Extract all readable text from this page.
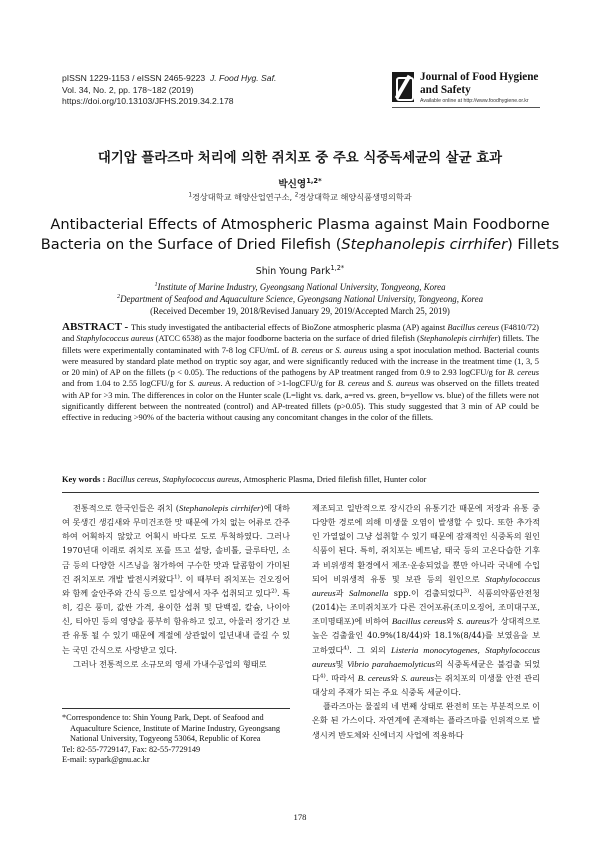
pISSN 1229-1153 / eISSN 2465-9223 J. Food Hyg. Saf.
Vol. 34, No. 2, pp. 178~182 (2019)
https://doi.org/10.13103/JFHS.2019.34.2.178
Journal of Food Hygiene
and Safety
Available online at http://www.foodhygiene.or.kr
대기압 플라즈마 처리에 의한 쥐치포 중 주요 식중독세균의 살균 효과
박신영$^{1,2*}$
$^1$경상대학교 해양산업연구소, $^2$경상대학교 해양식품생명의학과
Antibacterial Effects of Atmospheric Plasma against Main Foodborne
Bacteria on the Surface of Dried Filefish (Stephanolepis cirrhifer) Fillets
Shin Young Park$^{1,2*}$
$^1$Institute of Marine Industry, Gyeongsang National University, Tongyeong, Korea
$^2$Department of Seafood and Aquaculture Science, Gyeongsang National University, Tongyeong, Korea
(Received December 19, 2018/Revised January 29, 2019/Accepted March 25, 2019)
ABSTRACT - This study investigated the antibacterial effects of BioZone atmospheric plasma (AP) against Bacillus cereus (F4810/72) and Staphylococcus aureus (ATCC 6538) as the major foodborne bacteria on the surface of dried filefish (Stephanolepis cirrhifer) fillets. The fillets were experimentally contaminated with 7-8 log CFU/mL of B. cereus or S. aureus using a spot inoculation method. Bacterial counts were measured by standard plate method on tryptic soy agar, and were significantly reduced with the increase in the treatment time (1, 3, 5 or 20 min) of AP on the fillets (p < 0.05). The reductions of the pathogens by AP treatment ranged from 0.9 to 2.93 logCFU/g for B. cereus and from 1.04 to 2.55 logCFU/g for S. aureus. A reduction of >1-logCFU/g for B. cereus and S. aureus was observed on the fillets treated with AP for >3 min. The differences in color on the Hunter scale (L=light vs. dark, a=red vs. green, b=yellow vs. blue) of the fillets were not significantly different between the nontreated (control) and AP-treated fillets (p>0.05). This study suggested that 3 min of AP could be effective in reducing >90% of the bacteria without causing any concomitant changes in the color of the fillets.
Key words : Bacillus cereus, Staphylococcus aureus, Atmospheric Plasma, Dried filefish fillet, Hunter color

전통적으로 한국인들은 쥐치 (Stephanolepis cirrhifer)에 대하여 못생긴 생김새와 무미건조한 맛 때문에 가치 없는 어류로 간주하여 어획하지 않았고 어획시 바다로 도로 투척하였다. 그러나 1970년대 이래로 쥐치로 포를 뜨고 설탕, 솔비톨, 글루타민, 소금 등의 다양한 시즈닝을 첨가하여 구수한 맛과 달콤함이 가미된 건 쥐치포로 개발 발전시켜왔다$^{1)}$. 이 때부터 쥐치포는 건오징어와 함께 술안주와 간식 등으로 일상에서 자주 섭취되고 있다$^{2)}$. 특히, 김은 풍미, 값싼 가격, 용이한 섭취 및 단백질, 칼슘, 나이아신, 티아민 등의 영양을 풍부히 함유하고 있고, 아울러 장기간 보관 유통 될 수 있기 때문에 계절에 상관없이 일년내내 즐길 수 있는 국민 간식으로 사랑받고 있다.

그러나 전통적으로 소규모의 영세 가내수공업의 형태로

제조되고 일반적으로 장시간의 유통기간 때문에 저장과 유통 중 다양한 경로에 의해 미생물 오염이 발생할 수 있다. 또한 추가적인 가열없이 그냥 섭취할 수 있기 때문에 잠재적인 식중독의 원인 식품이 된다. 특히, 쥐치포는 베트남, 태국 등의 고온다습한 기후과 비위생적 환경에서 제조·운송되었을 뿐만 아니라 국내에 수입되어 비위생적 유통 및 보관 등의 원인으로 Staphylococcus aureus과 Salmonella spp.이 검출되었다$^{3)}$. 식품의약품안전청(2014)는 조미쥐치포가 다른 건어포류(조미오징어, 조미대구포, 조미명태포)에 비하여 Bacillus cereus와 S. aureus가 상대적으로 높은 검출율인 40.9%(18/44)와 18.1%(8/44)를 보였음을 보고하였다$^{4)}$. 그 외의 Listeria monocytogenes, Staphylococcus aureus및 Vibrio parahaemolyticus의 식중독세균은 불검출 되었다$^{4)}$. 따라서 B. cereus와 S. aureus는 쥐치포의 미생물 안전 관리대상의 주재가 되는 주요 식중독 세균이다.

플라즈마는 물질의 네 번째 상태로 완전히 또는 부분적으로 이온화 된 가스이다. 자연계에 존재하는 플라즈마를 인위적으로 발생시켜 반도체와 신에너지 사업에 적용하다

*Correspondence to: Shin Young Park, Dept. of Seafood and
Aquaculture Science, Institute of Marine Industry, Gyeongsang
National University, Togyeong 53064, Republic of Korea
Tel: 82-55-7729147, Fax: 82-55-7729149
E-mail: sypark@gnu.ac.kr
178
